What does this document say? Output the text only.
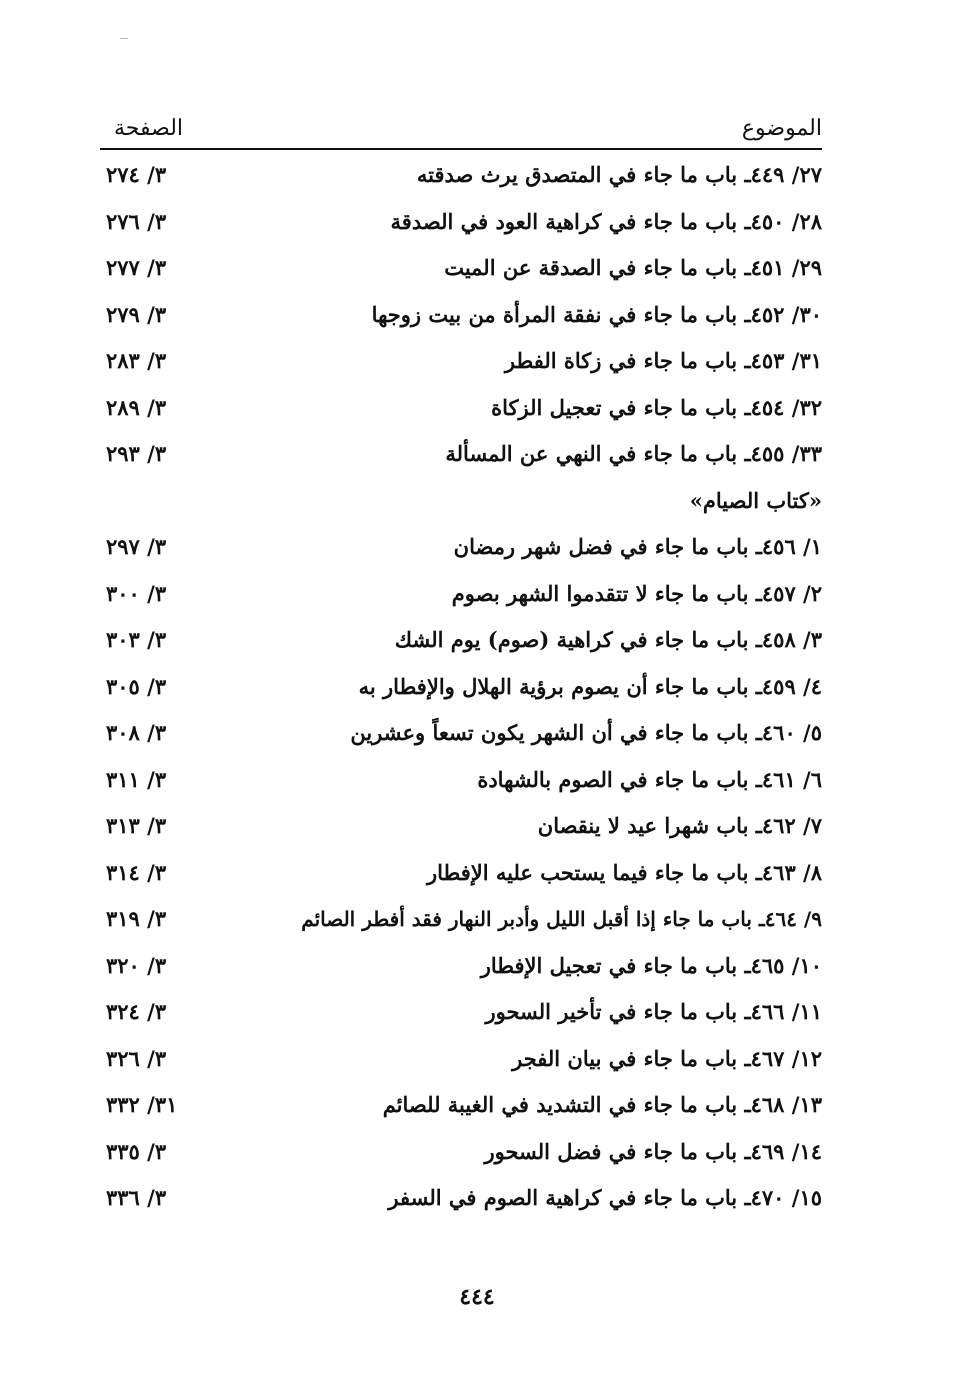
الموضوع
الصفحة
٢٧/ ٤٤٩ـ باب ما جاء في المتصدق يرث صدقته
٣/ ٢٧٤
٢٨/ ٤٥٠ـ باب ما جاء في كراهية العود في الصدقة
٣/ ٢٧٦
٢٩/ ٤٥١ـ باب ما جاء في الصدقة عن الميت
٣/ ٢٧٧
٣٠/ ٤٥٢ـ باب ما جاء في نفقة المرأة من بيت زوجها
٣/ ٢٧٩
٣١/ ٤٥٣ـ باب ما جاء في زكاة الفطر
٣/ ٢٨٣
٣٢/ ٤٥٤ـ باب ما جاء في تعجيل الزكاة
٣/ ٢٨٩
٣٣/ ٤٥٥ـ باب ما جاء في النهي عن المسألة
٣/ ٢٩٣
«كتاب الصيام»
١/ ٤٥٦ـ باب ما جاء في فضل شهر رمضان
٣/ ٢٩٧
٢/ ٤٥٧ـ باب ما جاء لا تتقدموا الشهر بصوم
٣/ ٣٠٠
٣/ ٤٥٨ـ باب ما جاء في كراهية (صوم) يوم الشك
٣/ ٣٠٣
٤/ ٤٥٩ـ باب ما جاء أن يصوم برؤية الهلال والإفطار به
٣/ ٣٠٥
٥/ ٤٦٠ـ باب ما جاء في أن الشهر يكون تسعاً وعشرين
٣/ ٣٠٨
٦/ ٤٦١ـ باب ما جاء في الصوم بالشهادة
٣/ ٣١١
٧/ ٤٦٢ـ باب شهرا عيد لا ينقصان
٣/ ٣١٣
٨/ ٤٦٣ـ باب ما جاء فيما يستحب عليه الإفطار
٣/ ٣١٤
٩/ ٤٦٤ـ باب ما جاء إذا أقبل الليل وأدبر النهار فقد أفطر الصائم
٣/ ٣١٩
١٠/ ٤٦٥ـ باب ما جاء في تعجيل الإفطار
٣/ ٣٢٠
١١/ ٤٦٦ـ باب ما جاء في تأخير السحور
٣/ ٣٢٤
١٢/ ٤٦٧ـ باب ما جاء في بيان الفجر
٣/ ٣٢٦
١٣/ ٤٦٨ـ باب ما جاء في التشديد في الغيبة للصائم
٣١/ ٣٣٢
١٤/ ٤٦٩ـ باب ما جاء في فضل السحور
٣/ ٣٣٥
١٥/ ٤٧٠ـ باب ما جاء في كراهية الصوم في السفر
٣/ ٣٣٦
٤٤٤
